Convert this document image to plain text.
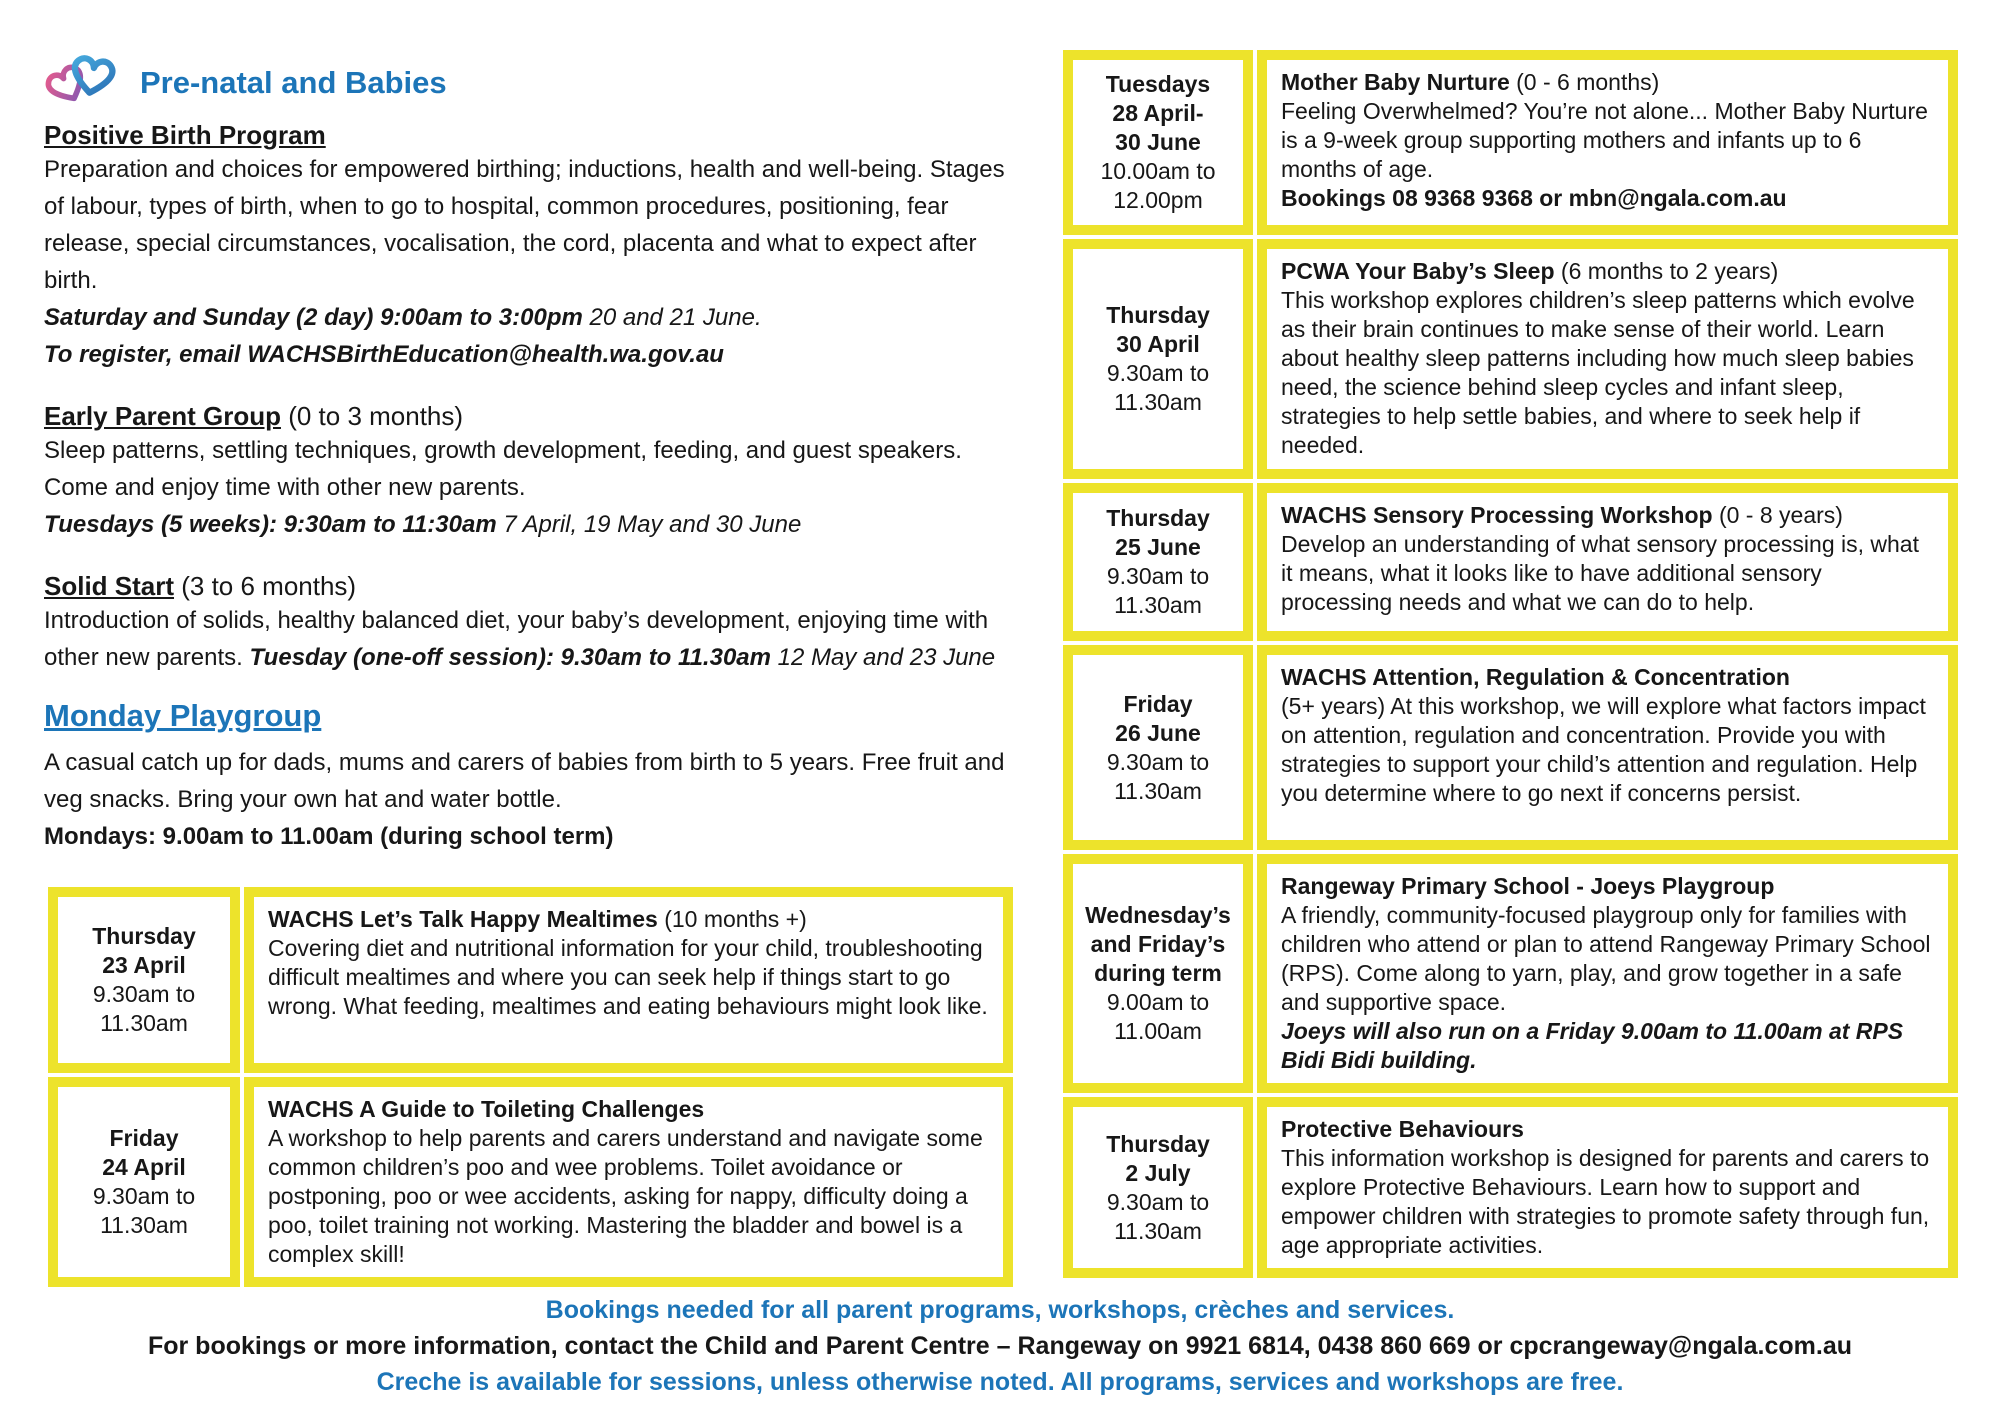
Pre-natal and Babies
Positive Birth Program
Preparation and choices for empowered birthing; inductions, health and well-being. Stages of labour, types of birth, when to go to hospital, common procedures, positioning, fear release, special circumstances, vocalisation, the cord, placenta and what to expect after birth.
Saturday and Sunday (2 day) 9:00am to 3:00pm 20 and 21 June.
To register, email WACHSBirthEducation@health.wa.gov.au
Early Parent Group (0 to 3 months)
Sleep patterns, settling techniques, growth development, feeding, and guest speakers. Come and enjoy time with other new parents.
Tuesdays (5 weeks): 9:30am to 11:30am 7 April, 19 May and 30 June
Solid Start (3 to 6 months)
Introduction of solids, healthy balanced diet, your baby’s development, enjoying time with other new parents. Tuesday (one-off session): 9.30am to 11.30am 12 May and 23 June
Monday Playgroup
A casual catch up for dads, mums and carers of babies from birth to 5 years. Free fruit and veg snacks. Bring your own hat and water bottle.
Mondays: 9.00am to 11.00am (during school term)
Thursday
23 April
9.30am to
11.30am
WACHS Let’s Talk Happy Mealtimes (10 months +)
Covering diet and nutritional information for your child, troubleshooting difficult mealtimes and where you can seek help if things start to go wrong. What feeding, mealtimes and eating behaviours might look like.
Friday
24 April
9.30am to
11.30am
WACHS A Guide to Toileting Challenges
A workshop to help parents and carers understand and navigate some common children’s poo and wee problems. Toilet avoidance or postponing, poo or wee accidents, asking for nappy, difficulty doing a poo, toilet training not working. Mastering the bladder and bowel is a complex skill!
Tuesdays
28 April-
30 June
10.00am to
12.00pm
Mother Baby Nurture (0 - 6 months)
Feeling Overwhelmed? You’re not alone... Mother Baby Nurture is a 9-week group supporting mothers and infants up to 6 months of age.
Bookings 08 9368 9368 or mbn@ngala.com.au
Thursday
30 April
9.30am to
11.30am
PCWA Your Baby’s Sleep (6 months to 2 years)
This workshop explores children’s sleep patterns which evolve as their brain continues to make sense of their world. Learn about healthy sleep patterns including how much sleep babies need, the science behind sleep cycles and infant sleep, strategies to help settle babies, and where to seek help if needed.
Thursday
25 June
9.30am to
11.30am
WACHS Sensory Processing Workshop (0 - 8 years)
Develop an understanding of what sensory processing is, what it means, what it looks like to have additional sensory processing needs and what we can do to help.
Friday
26 June
9.30am to
11.30am
WACHS Attention, Regulation & Concentration
(5+ years) At this workshop, we will explore what factors impact on attention, regulation and concentration. Provide you with strategies to support your child’s attention and regulation. Help you determine where to go next if concerns persist.
Wednesday’s
and Friday’s
during term
9.00am to
11.00am
Rangeway Primary School - Joeys Playgroup
A friendly, community-focused playgroup only for families with children who attend or plan to attend Rangeway Primary School (RPS). Come along to yarn, play, and grow together in a safe and supportive space.
Joeys will also run on a Friday 9.00am to 11.00am at RPS Bidi Bidi building.
Thursday
2 July
9.30am to
11.30am
Protective Behaviours
This information workshop is designed for parents and carers to explore Protective Behaviours. Learn how to support and empower children with strategies to promote safety through fun, age appropriate activities.
Bookings needed for all parent programs, workshops, crèches and services.
For bookings or more information, contact the Child and Parent Centre – Rangeway on 9921 6814, 0438 860 669 or cpcrangeway@ngala.com.au
Creche is available for sessions, unless otherwise noted. All programs, services and workshops are free.
